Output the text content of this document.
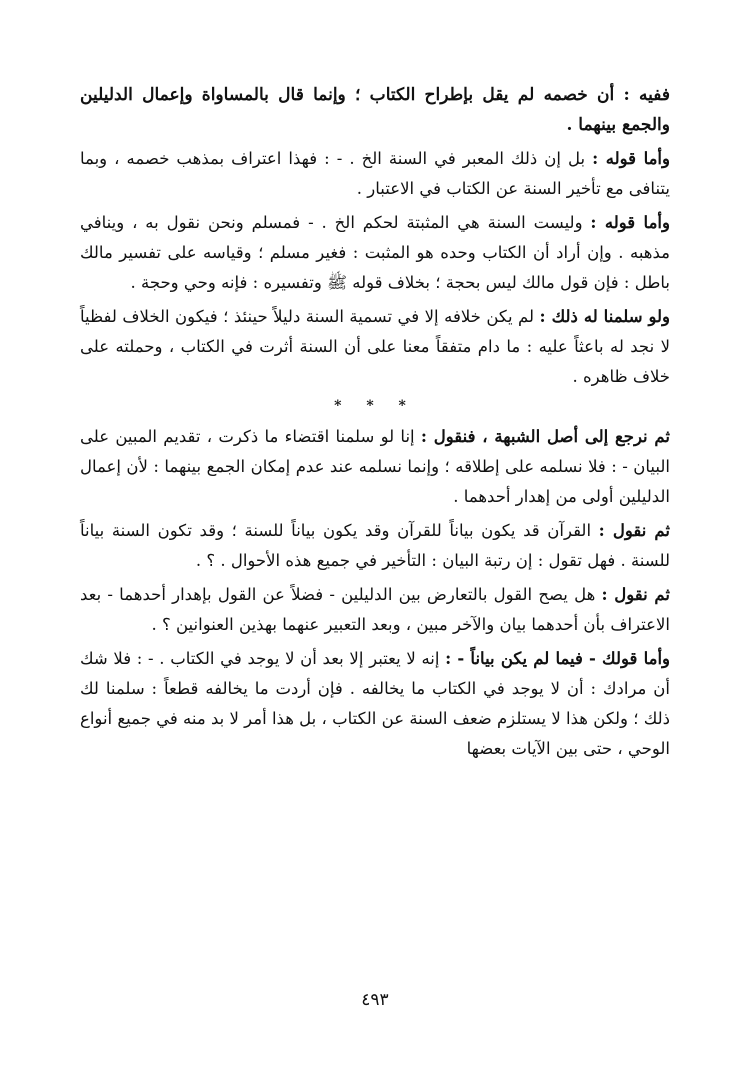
ففيه : أن خصمه لم يقل بإطراح الكتاب ؛ وإنما قال بالمساواة وإعمال الدليلين والجمع بينهما .

وأما قوله : بل إن ذلك المعبر في السنة الخ . - : فهذا اعتراف بمذهب خصمه ، وبما يتنافى مع تأخير السنة عن الكتاب في الاعتبار .

وأما قوله : وليست السنة هي المثبتة لحكم الخ . - فمسلم ونحن نقول به ، وينافي مذهبه . وإن أراد أن الكتاب وحده هو المثبت : فغير مسلم ؛ وقياسه على تفسير مالك باطل : فإن قول مالك ليس بحجة ؛ بخلاف قوله ﷺ وتفسيره : فإنه وحي وحجة .

ولو سلمنا له ذلك : لم يكن خلافه إلا في تسمية السنة دليلاً حينئذ ؛ فيكون الخلاف لفظياً لا نجد له باعثاً عليه : ما دام متفقاً معنا على أن السنة أثرت في الكتاب ، وحملته على خلاف ظاهره .

* * *

ثم نرجع إلى أصل الشبهة ، فنقول : إنا لو سلمنا اقتضاء ما ذكرت ، تقديم المبين على البيان - : فلا نسلمه على إطلاقه ؛ وإنما نسلمه عند عدم إمكان الجمع بينهما : لأن إعمال الدليلين أولى من إهدار أحدهما .

ثم نقول : القرآن قد يكون بياناً للقرآن وقد يكون بياناً للسنة ؛ وقد تكون السنة بياناً للسنة . فهل تقول : إن رتبة البيان : التأخير في جميع هذه الأحوال . ؟ .

ثم نقول : هل يصح القول بالتعارض بين الدليلين - فضلاً عن القول بإهدار أحدهما - بعد الاعتراف بأن أحدهما بيان والآخر مبين ، وبعد التعبير عنهما بهذين العنوانين ؟ .

وأما قولك - فيما لم يكن بياناً - : إنه لا يعتبر إلا بعد أن لا يوجد في الكتاب . - : فلا شك أن مرادك : أن لا يوجد في الكتاب ما يخالفه . فإن أردت ما يخالفه قطعاً : سلمنا لك ذلك ؛ ولكن هذا لا يستلزم ضعف السنة عن الكتاب ، بل هذا أمر لا بد منه في جميع أنواع الوحي ، حتى بين الآيات بعضها

٤٩٣
